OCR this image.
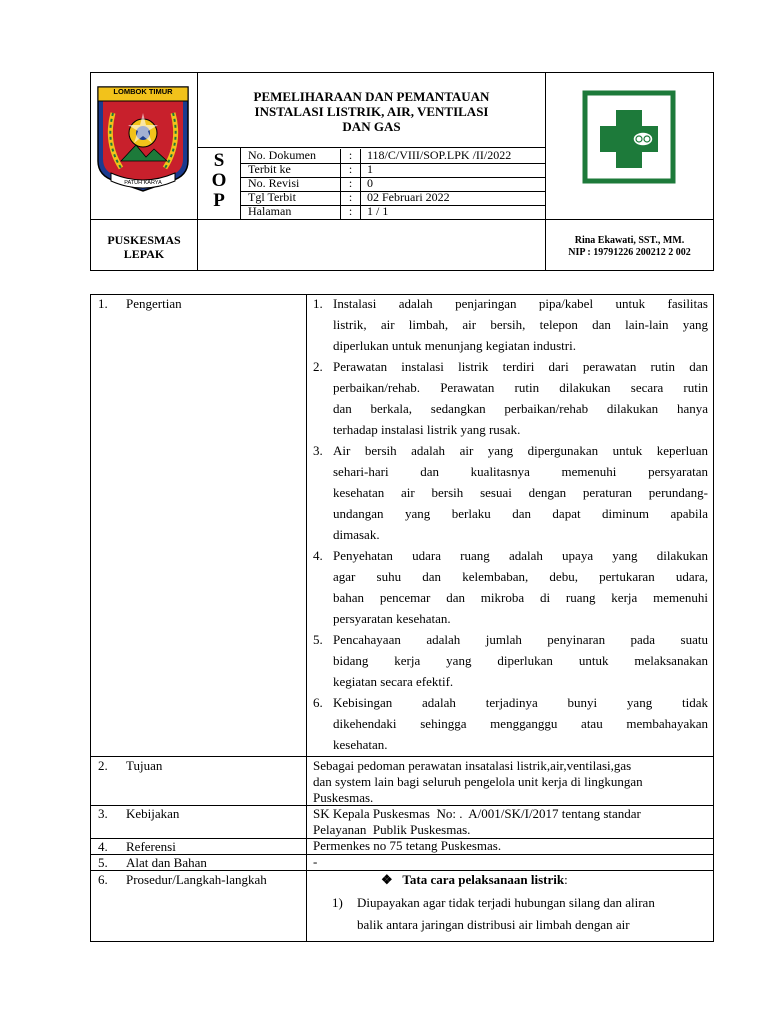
LOMBOK TIMUR
PATUH KARYA
PEMELIHARAAN DAN PEMANTAUAN
INSTALASI LISTRIK, AIR, VENTILASI
DAN GAS
S
O
P
No. Dokumen	:	118/C/VIII/SOP.LPK /II/2022
Terbit ke	:	1
No. Revisi	:	0
Tgl Terbit	:	02 Februari 2022
Halaman	:	1 / 1
PUSKESMAS
LEPAK
Rina Ekawati, SST., MM.
NIP : 19791226 200212 2 002
1. Pengertian	1. Instalasi adalah penjaringan pipa/kabel untuk fasilitas
listrik, air limbah, air bersih, telepon dan lain-lain yang
diperlukan untuk menunjang kegiatan industri.
2. Perawatan instalasi listrik terdiri dari perawatan rutin dan
perbaikan/rehab. Perawatan rutin dilakukan secara rutin
dan berkala, sedangkan perbaikan/rehab dilakukan hanya
terhadap instalasi listrik yang rusak.
3. Air bersih adalah air yang dipergunakan untuk keperluan
sehari-hari dan kualitasnya memenuhi persyaratan
kesehatan air bersih sesuai dengan peraturan perundang-
undangan yang berlaku dan dapat diminum apabila
dimasak.
4. Penyehatan udara ruang adalah upaya yang dilakukan
agar suhu dan kelembaban, debu, pertukaran udara,
bahan pencemar dan mikroba di ruang kerja memenuhi
persyaratan kesehatan.
5. Pencahayaan adalah jumlah penyinaran pada suatu
bidang kerja yang diperlukan untuk melaksanakan
kegiatan secara efektif.
6. Kebisingan adalah terjadinya bunyi yang tidak
dikehendaki sehingga mengganggu atau membahayakan
kesehatan.
2. Tujuan	Sebagai pedoman perawatan insatalasi listrik,air,ventilasi,gas
dan system lain bagi seluruh pengelola unit kerja di lingkungan
Puskesmas.
3. Kebijakan	SK Kepala Puskesmas  No: .  A/001/SK/I/2017 tentang standar
Pelayanan  Publik Puskesmas.
4. Referensi	Permenkes no 75 tetang Puskesmas.
5. Alat dan Bahan	-
6. Prosedur/Langkah-langkah	❖ Tata cara pelaksanaan listrik:
1) Diupayakan agar tidak terjadi hubungan silang dan aliran
balik antara jaringan distribusi air limbah dengan air
